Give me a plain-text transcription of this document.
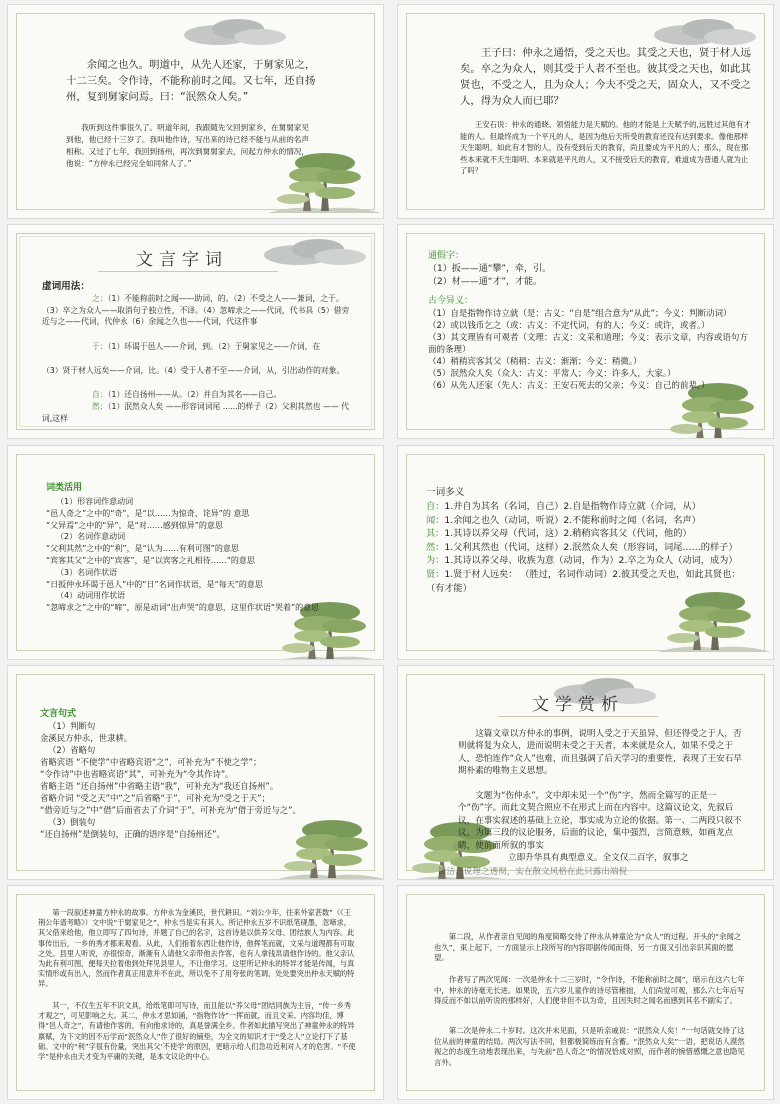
余闻之也久。明道中，从先人还家，于舅家见之，十二三矣。令作诗，不能称前时之闻。又七年，还自扬州，复到舅家问焉。曰：“泯然众人矣。”
我听到这件事很久了。明道年间，我跟随先父回到家乡，在舅舅家见到他，他已经十三岁了。我叫他作诗，写出来的诗已经不能与从前的名声相称。又过了七年，我回到扬州，再次到舅舅家去，问起方仲永的情况，他说：“方仲永已经完全如同常人了。”
王子曰：仲永之通悟，受之天也。其受之天也，贤于材人远矣。卒之为众人，则其受于人者不至也。彼其受之天也，如此其贤也，不受之人，且为众人；今夫不受之天，固众人，又不受之人，得为众人而已耶？
王安石说：仲永的通晓、领悟能力是天赋的。他的才能是上天赋予的,远胜过其他有才能的人。但最终成为一个平凡的人，是因为他后天所受的教育还没有达到要求。像他那样天生聪明、如此有才智的人，没有受到后天的教育，尚且要成为平凡的人；那么，现在那些本来就不天生聪明、本来就是平凡的人，又不接受后天的教育，难道成为普通人就为止了吗？
文言字词
虚词用法：
之：（1）不能称前时之闻——助词，的。（2）不受之人——兼词，之于。（3）卒之为众人——取消句子独立性，不译。（4）忽啼求之——代词，代书具（5）借旁近与之——代词，代仲永（6）余闻之久也——代词，代这件事
于：（1）环谒于邑人——介词，到。（2）于舅家见之——介词，在
（3）贤于材人远矣——介词，比。（4）受于人者不至——介词，从，引出动作的对象。
自：（1）还自扬州——从。（2）并自为其名——自己。
然：（1）泯然众人矣 ——形容词词尾 ......的样子（2）父利其然也 —— 代词,这样
通假字：
（1）扳——通“攀”，牵，引。
（2）材——通“才”，才能。
古今异义：

（1）自是指物作诗立就（是：古义：“自是”组合意为“从此”；今义：判断动词）

（2）或以钱币乞之（或：古义：不定代词，有的人；今义：或许，或者。）

（3）其文理皆有可观者（文理：古义：文采和道理；今义：表示文章，内容或语句方面的条理）

（4）稍稍宾客其父（稍稍：古义：渐渐；今义：稍微。）

（5）泯然众人矣（众人：古义：平常人；今义：许多人，大家。）

（6）从先人还家（先人：古义：王安石死去的父亲；今义：自己的前辈。）

词类活用

（1）形容词作意动词

“邑人奇之”之中的“奇”，是“以……为惊奇、诧异”的 意思

“父异焉”之中的“异”，是“对……感到惊异”的意思

（2）名词作意动词

“父利其然”之中的“利”，是“认为……有利可图”的意思

“宾客其父”之中的“宾客”，是“以宾客之礼相待……”的意思

（3）名词作状语

“日扳仲永环谒于邑人”中的“日”名词作状语，是“每天”的意思

（4）动词用作状语

“忽啼求之”之中的“啼”，原是动词“出声哭”的意思，这里作状语“哭着”的意思

一词多义

自：1.并自为其名（名词，自己）2.自是指物作诗立就（介词，从）

闻：1.余闻之也久（动词，听说）2.不能称前时之闻（名词，名声）

其：1.其诗以养父母（代词，这）2.稍稍宾客其父（代词，他的）

然：1.父利其然也（代词，这样）2.泯然众人矣（形容词，词尾……的样子）

为：1.其诗以养父母、收族为意（动词，作为）2.卒之为众人（动词，成为）

贤：1.贤于材人远矣： （胜过，名词作动词）2.彼其受之天也，如此其贤也：（有才能）

文言句式

（1）判断句

金溪民方仲永，世隶耕。

（2）省略句

省略宾语 “不使学”中省略宾语“之”，可补充为“不使之学”；

“令作诗”中也省略宾语“其”，可补充为“令其作诗”。

省略主语 “还自扬州”中省略主语“我”，可补充为“我还自扬州”。

省略介词 “受之天”中“之”后省略“于”，可补充为“受之于天”；

“借旁近与之”中“借”后面省去了介词“于”，可补充为“借于旁近与之”。

（3）倒装句

“还自扬州”是倒装句，正确的语序是“自扬州还”。

文学赏析
这篇文章以方仲永的事例，说明人受之于天虽异，但还得受之于人，否则就将复为众人，进而说明未受之于天者，本来就是众人，如果不受之于人，恐怕连作“众人”也难，而且强调了后天学习的重要性，表现了王安石早期朴素的唯物主义思想。
文题为“伤仲永”，文中却未见一个“伤”字，然而全篇写的正是一个“伤”字。而此文契合照应不在形式上而在内容中。这篇议论文，先叙后议，在事实叙述的基础上立论，事实成为立论的依据。第一、二两段只叙不议，为第三段的议论服务，后面的议论，集中强烈，言简意赅，如画龙点睛，使前面所叙的事实
立即升华具有典型意义。全文仅二百字，叙事之
简洁、说理之透彻，实在散文风格在此只露出端倪
第一段叙述神童方仲永的故事。方仲永为金溪民，世代耕田。“刘公少年，往来外家甚数”（《王荆公年谱考略》）文中说“于舅家见之”，仲永当是实有其人。所记仲永五岁不识纸笔砚墨，忽啼求，其父借来给他，他立即写了四句诗，并题了自己的名字，这首诗是以供养父母、团结族人为内容。此事传出后，一乡的秀才都来观看。从此，人们指着东西让他作诗，他挥笔而就，文采与道理都有可取之处。县里人听说，亦很惊奇，渐渐有人请他父亲带他去作客，也有人拿钱帛请他作诗的。他父亲认为此有利可图，便每天拉着他到处拜见县里人，不让他学习。这里所记仲永的特异才能是传闻，与真实情形或有出入，然而作者真正用意并不在此，所以免不了用夸张的笔调，处处要突出仲永天赋的特异。
其一，不仅生五年不识文具，给纸笔即可写诗，而且能以“养父母”团结同族为主旨，“传一乡秀才观之”，可见影响之大。其二，仲永才思如涌，“指物作诗”一挥而就，而且文采、内容均佳，博得“邑人奇之”，有请他作客的，有向他求诗的，真是誉满全乡。作者如此描写突出了神童仲永的特异禀赋，为下文的因不后学而“泯然众人”作了很好的铺垫，为全文的知识才于“受之人”立论打下了基础。文中的“利”字很有份量，突出其父‘不使学’的原因，更暗示给人们急功近利对人才的危害。“不使学”是仲永由天才变为平庸的关键，是本文议论的中心。
第二段，从作者亲自见闻的角度简略交待了仲永从神童沦为“众人”的过程。开头的“余闻之也久”，束上起下，一方面显示上段所写的内容即据传闻而得，另一方面又引出亲识其面的愿望。
作者写了两次见闻：一次是仲永十二三岁时，“令作诗，不能称前时之闻”，暗示在这六七年中，仲永的诗毫无长进。如果说，五六岁儿童作的诗尽管稚拙，人们尚觉可观，那么六七年后写得反而不如以前听说的那样好，人们便非但不以为奇，且因失时之闻名而感到其名不副实了。
第二次是仲永二十岁时。这次并未见面，只是听亲戚说：“泯然众人矣！”一句话就交待了这位从前的神童的结局。两次写法不同，但都极简练而有含蓄。“泯然众人矣”一语，把说话人漠然视之的态度生动地表现出来，与先前“邑人奇之”的情况恰成对照，而作者的惋惜感慨之意也隐见言外。
